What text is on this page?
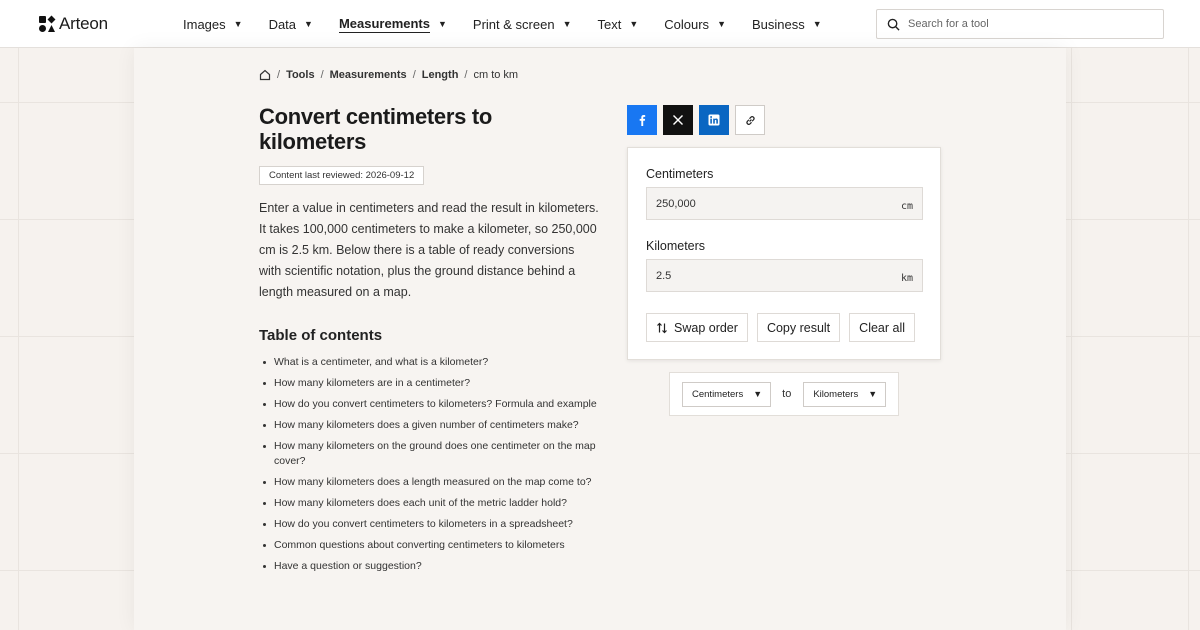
Arteon	Images ▼ Data ▼ Measurements ▼ Print & screen ▼ Text ▼ Colours ▼ Business ▼
Search for a tool
/ Tools / Measurements / Length / cm to km
Convert centimeters to kilometers
Content last reviewed: 2026-09-12

Enter a value in centimeters and read the result in kilometers. It takes 100,000 centimeters to make a kilometer, so 250,000 cm is 2.5 km. Below there is a table of ready conversions with scientific notation, plus the ground distance behind a length measured on a map.

Table of contents
What is a centimeter, and what is a kilometer?
How many kilometers are in a centimeter?
How do you convert centimeters to kilometers? Formula and example
How many kilometers does a given number of centimeters make?
How many kilometers on the ground does one centimeter on the map cover?
How many kilometers does a length measured on the map come to?
How many kilometers does each unit of the metric ladder hold?
How do you convert centimeters to kilometers in a spreadsheet?
Common questions about converting centimeters to kilometers
Have a question or suggestion?
Centimeters
250,000	cm
Kilometers
2.5	km
Swap order	Copy result	Clear all
Centimeters ▼ to Kilometers ▼
